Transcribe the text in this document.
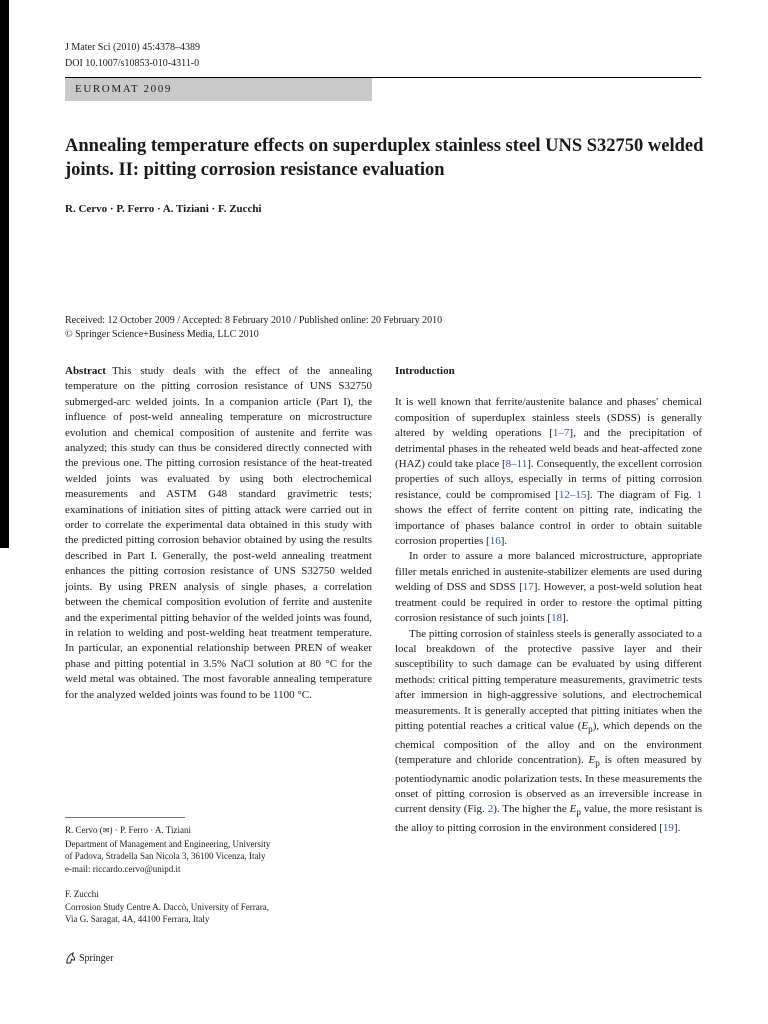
J Mater Sci (2010) 45:4378–4389
DOI 10.1007/s10853-010-4311-0
EUROMAT 2009
Annealing temperature effects on superduplex stainless steel UNS S32750 welded joints. II: pitting corrosion resistance evaluation
R. Cervo · P. Ferro · A. Tiziani · F. Zucchi
Received: 12 October 2009 / Accepted: 8 February 2010 / Published online: 20 February 2010
© Springer Science+Business Media, LLC 2010

Abstract This study deals with the effect of the annealing temperature on the pitting corrosion resistance of UNS S32750 submerged-arc welded joints. In a companion article (Part I), the influence of post-weld annealing temperature on microstructure evolution and chemical composition of austenite and ferrite was analyzed; this study can thus be considered directly connected with the previous one. The pitting corrosion resistance of the heat-treated welded joints was evaluated by using both electrochemical measurements and ASTM G48 standard gravimetric tests; examinations of initiation sites of pitting attack were carried out in order to correlate the experimental data obtained in this study with the predicted pitting corrosion behavior obtained by using the results described in Part I. Generally, the post-weld annealing treatment enhances the pitting corrosion resistance of UNS S32750 welded joints. By using PREN analysis of single phases, a correlation between the chemical composition evolution of ferrite and austenite and the experimental pitting behavior of the welded joints was found, in relation to welding and post-welding heat treatment temperature. In particular, an exponential relationship between PREN of weaker phase and pitting potential in 3.5% NaCl solution at 80 °C for the weld metal was obtained. The most favorable annealing temperature for the analyzed welded joints was found to be 1100 °C.

R. Cervo (✉) · P. Ferro · A. Tiziani
Department of Management and Engineering, University
of Padova, Stradella San Nicola 3, 36100 Vicenza, Italy
e-mail: riccardo.cervo@unipd.it
F. Zucchi
Corrosion Study Centre A. Daccò, University of Ferrara,
Via G. Saragat, 4A, 44100 Ferrara, Italy
Springer

Introduction

It is well known that ferrite/austenite balance and phases' chemical composition of superduplex stainless steels (SDSS) is generally altered by welding operations [1–7], and the precipitation of detrimental phases in the reheated weld beads and heat-affected zone (HAZ) could take place [8–11]. Consequently, the excellent corrosion properties of such alloys, especially in terms of pitting corrosion resistance, could be compromised [12–15]. The diagram of Fig. 1 shows the effect of ferrite content on pitting rate, indicating the importance of phases balance control in order to obtain suitable corrosion properties [16].

In order to assure a more balanced microstructure, appropriate filler metals enriched in austenite-stabilizer elements are used during welding of DSS and SDSS [17]. However, a post-weld solution heat treatment could be required in order to restore the optimal pitting corrosion resistance of such joints [18].

The pitting corrosion of stainless steels is generally associated to a local breakdown of the protective passive layer and their susceptibility to such damage can be evaluated by using different methods: critical pitting temperature measurements, gravimetric tests after immersion in high-aggressive solutions, and electrochemical measurements. It is generally accepted that pitting initiates when the pitting potential reaches a critical value $(E_p)$, which depends on the chemical composition of the alloy and on the environment (temperature and chloride concentration). $E_p$ is often measured by potentiodynamic anodic polarization tests. In these measurements the onset of pitting corrosion is observed as an irreversible increase in current density (Fig. 2). The higher the $E_p$ value, the more resistant is the alloy to pitting corrosion in the environment considered [19].
